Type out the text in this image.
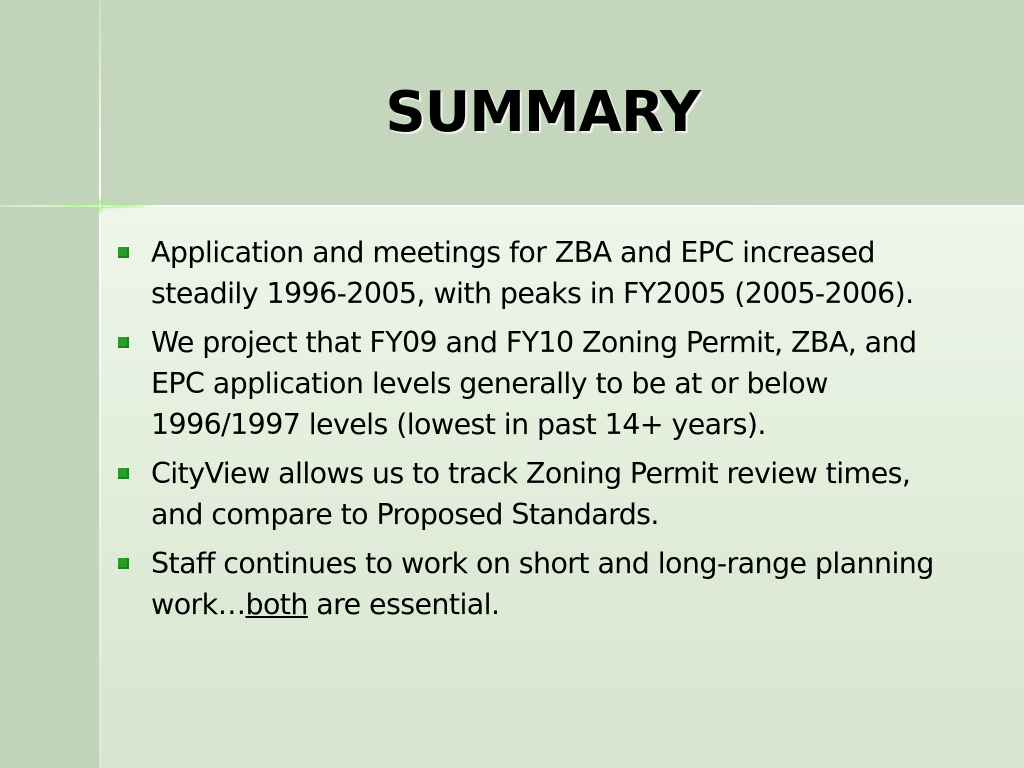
SUMMARY
Application and meetings for ZBA and EPC increased steadily 1996-2005, with peaks in FY2005 (2005-2006).
We project that FY09 and FY10 Zoning Permit, ZBA, and EPC application levels generally to be at or below 1996/1997 levels (lowest in past 14+ years).
CityView allows us to track Zoning Permit review times, and compare to Proposed Standards.
Staff continues to work on short and long-range planning work…both are essential.
